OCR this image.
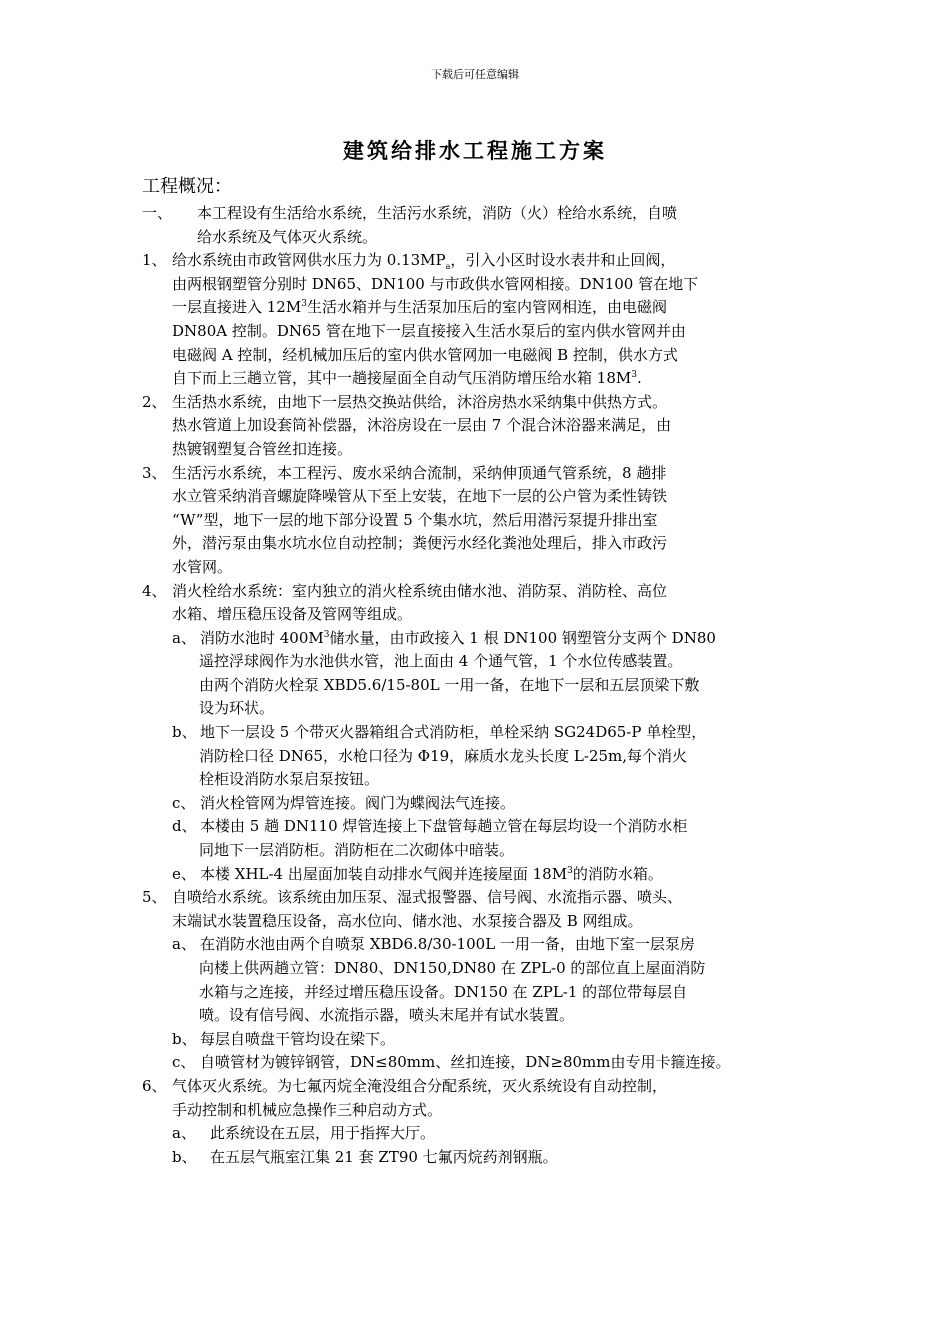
下载后可任意编辑
建筑给排水工程施工方案
工程概况：
一、 本工程设有生活给水系统，生活污水系统，消防（火）栓给水系统，自喷
给水系统及气体灭火系统。
1、 给水系统由市政管网供水压力为 $0.13MP_a$，引入小区时设水表井和止回阀，
由两根钢塑管分别时 DN65、DN100 与市政供水管网相接。DN100 管在地下
一层直接进入 $12M^3$生活水箱并与生活泵加压后的室内管网相连，由电磁阀
DN80A 控制。DN65 管在地下一层直接接入生活水泵后的室内供水管网并由
电磁阀 A 控制，经机械加压后的室内供水管网加一电磁阀 B 控制，供水方式
自下而上三趟立管，其中一趟接屋面全自动气压消防增压给水箱 $18M^3$.
2、 生活热水系统，由地下一层热交换站供给，沐浴房热水采纳集中供热方式。
热水管道上加设套筒补偿器，沐浴房设在一层由 7 个混合沐浴器来满足，由
热镀钢塑复合管丝扣连接。
3、 生活污水系统，本工程污、废水采纳合流制，采纳伸顶通气管系统，8 趟排
水立管采纳消音螺旋降噪管从下至上安装，在地下一层的公户管为柔性铸铁
“W”型，地下一层的地下部分设置 5 个集水坑，然后用潜污泵提升排出室
外，潜污泵由集水坑水位自动控制；粪便污水经化粪池处理后，排入市政污
水管网。
4、 消火栓给水系统：室内独立的消火栓系统由储水池、消防泵、消防栓、高位
水箱、增压稳压设备及管网等组成。
a、 消防水池时 $400M^3$储水量，由市政接入 1 根 DN100 钢塑管分支两个 DN80
遥控浮球阀作为水池供水管，池上面由 4 个通气管，1 个水位传感装置。
由两个消防火栓泵 XBD5.6/15-80L 一用一备，在地下一层和五层顶梁下敷
设为环状。
b、 地下一层设 5 个带灭火器箱组合式消防柜，单栓采纳 SG24D65-P 单栓型，
消防栓口径 DN65，水枪口径为 Φ19，麻质水龙头长度 L-25m,每个消火
栓柜设消防水泵启泵按钮。
c、 消火栓管网为焊管连接。阀门为蝶阀法气连接。
d、 本楼由 5 趟 DN110 焊管连接上下盘管每趟立管在每层均设一个消防水柜
同地下一层消防柜。消防柜在二次砌体中暗装。
e、 本楼 XHL-4 出屋面加装自动排水气阀并连接屋面 $18M^3$的消防水箱。
5、 自喷给水系统。该系统由加压泵、湿式报警器、信号阀、水流指示器、喷头、
末端试水装置稳压设备，高水位向、储水池、水泵接合器及 B 网组成。
a、 在消防水池由两个自喷泵 XBD6.8/30-100L 一用一备，由地下室一层泵房
向楼上供两趟立管：DN80、DN150,DN80 在 ZPL-0 的部位直上屋面消防
水箱与之连接，并经过增压稳压设备。DN150 在 ZPL-1 的部位带每层自
喷。设有信号阀、水流指示器，喷头末尾并有试水装置。
b、 每层自喷盘干管均设在梁下。
c、 自喷管材为镀锌钢管，DN≤80mm、丝扣连接，DN≥80mm由专用卡箍连接。
6、 气体灭火系统。为七氟丙烷全淹没组合分配系统，灭火系统设有自动控制，
手动控制和机械应急操作三种启动方式。
a、 此系统设在五层，用于指挥大厅。
b、 在五层气瓶室江集 21 套 ZT90 七氟丙烷药剂钢瓶。
